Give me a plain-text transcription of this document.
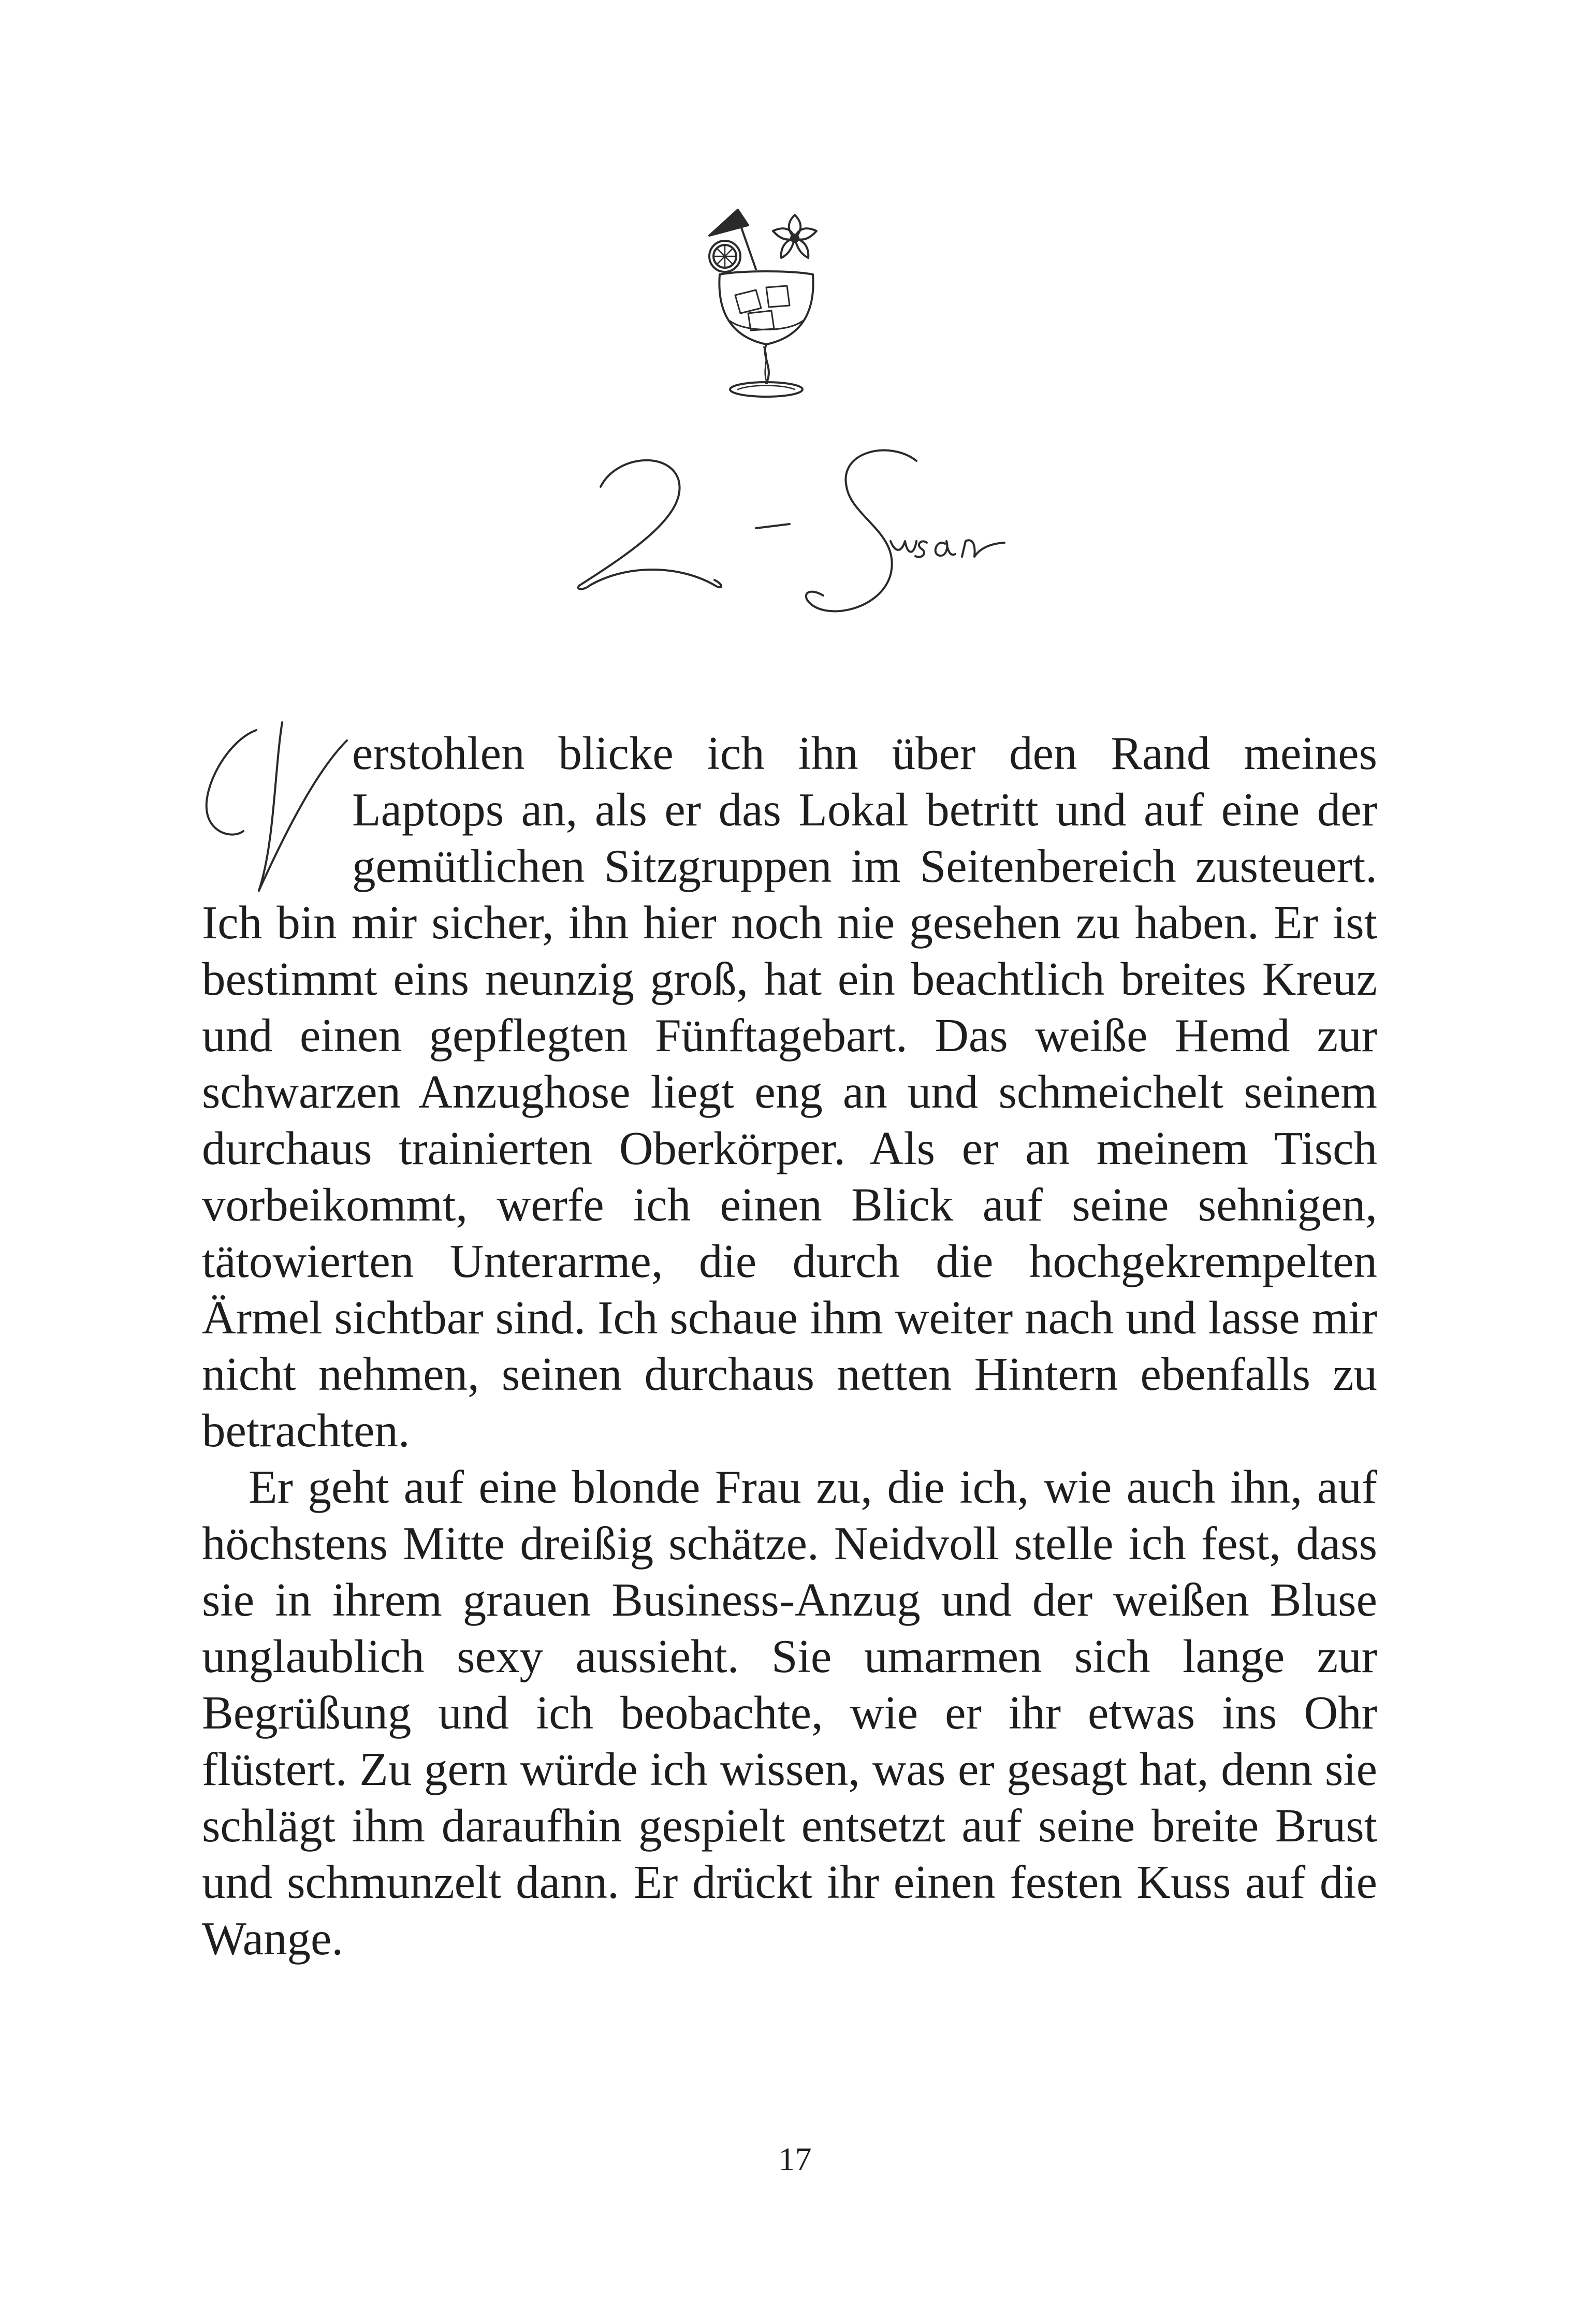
erstohlen blicke ich ihn über den Rand meines Laptops an, als er das Lokal betritt und auf eine der gemütlichen Sitzgruppen im Seitenbereich zusteuert. Ich bin mir sicher, ihn hier noch nie gesehen zu haben. Er ist bestimmt eins neunzig groß, hat ein beachtlich breites Kreuz und einen gepflegten Fünftagebart. Das weiße Hemd zur schwarzen Anzughose liegt eng an und schmeichelt seinem durchaus trainierten Oberkörper. Als er an meinem Tisch vorbeikommt, werfe ich einen Blick auf seine sehnigen, tätowierten Unterarme, die durch die hochgekrempelten Ärmel sichtbar sind. Ich schaue ihm weiter nach und lasse mir nicht nehmen, seinen durchaus netten Hintern ebenfalls zu betrachten.

Er geht auf eine blonde Frau zu, die ich, wie auch ihn, auf höchstens Mitte dreißig schätze. Neidvoll stelle ich fest, dass sie in ihrem grauen Business-Anzug und der weißen Bluse unglaublich sexy aussieht. Sie umarmen sich lange zur Begrüßung und ich beobachte, wie er ihr etwas ins Ohr flüstert. Zu gern würde ich wissen, was er gesagt hat, denn sie schlägt ihm daraufhin gespielt entsetzt auf seine breite Brust und schmunzelt dann. Er drückt ihr einen festen Kuss auf die Wange.

17
